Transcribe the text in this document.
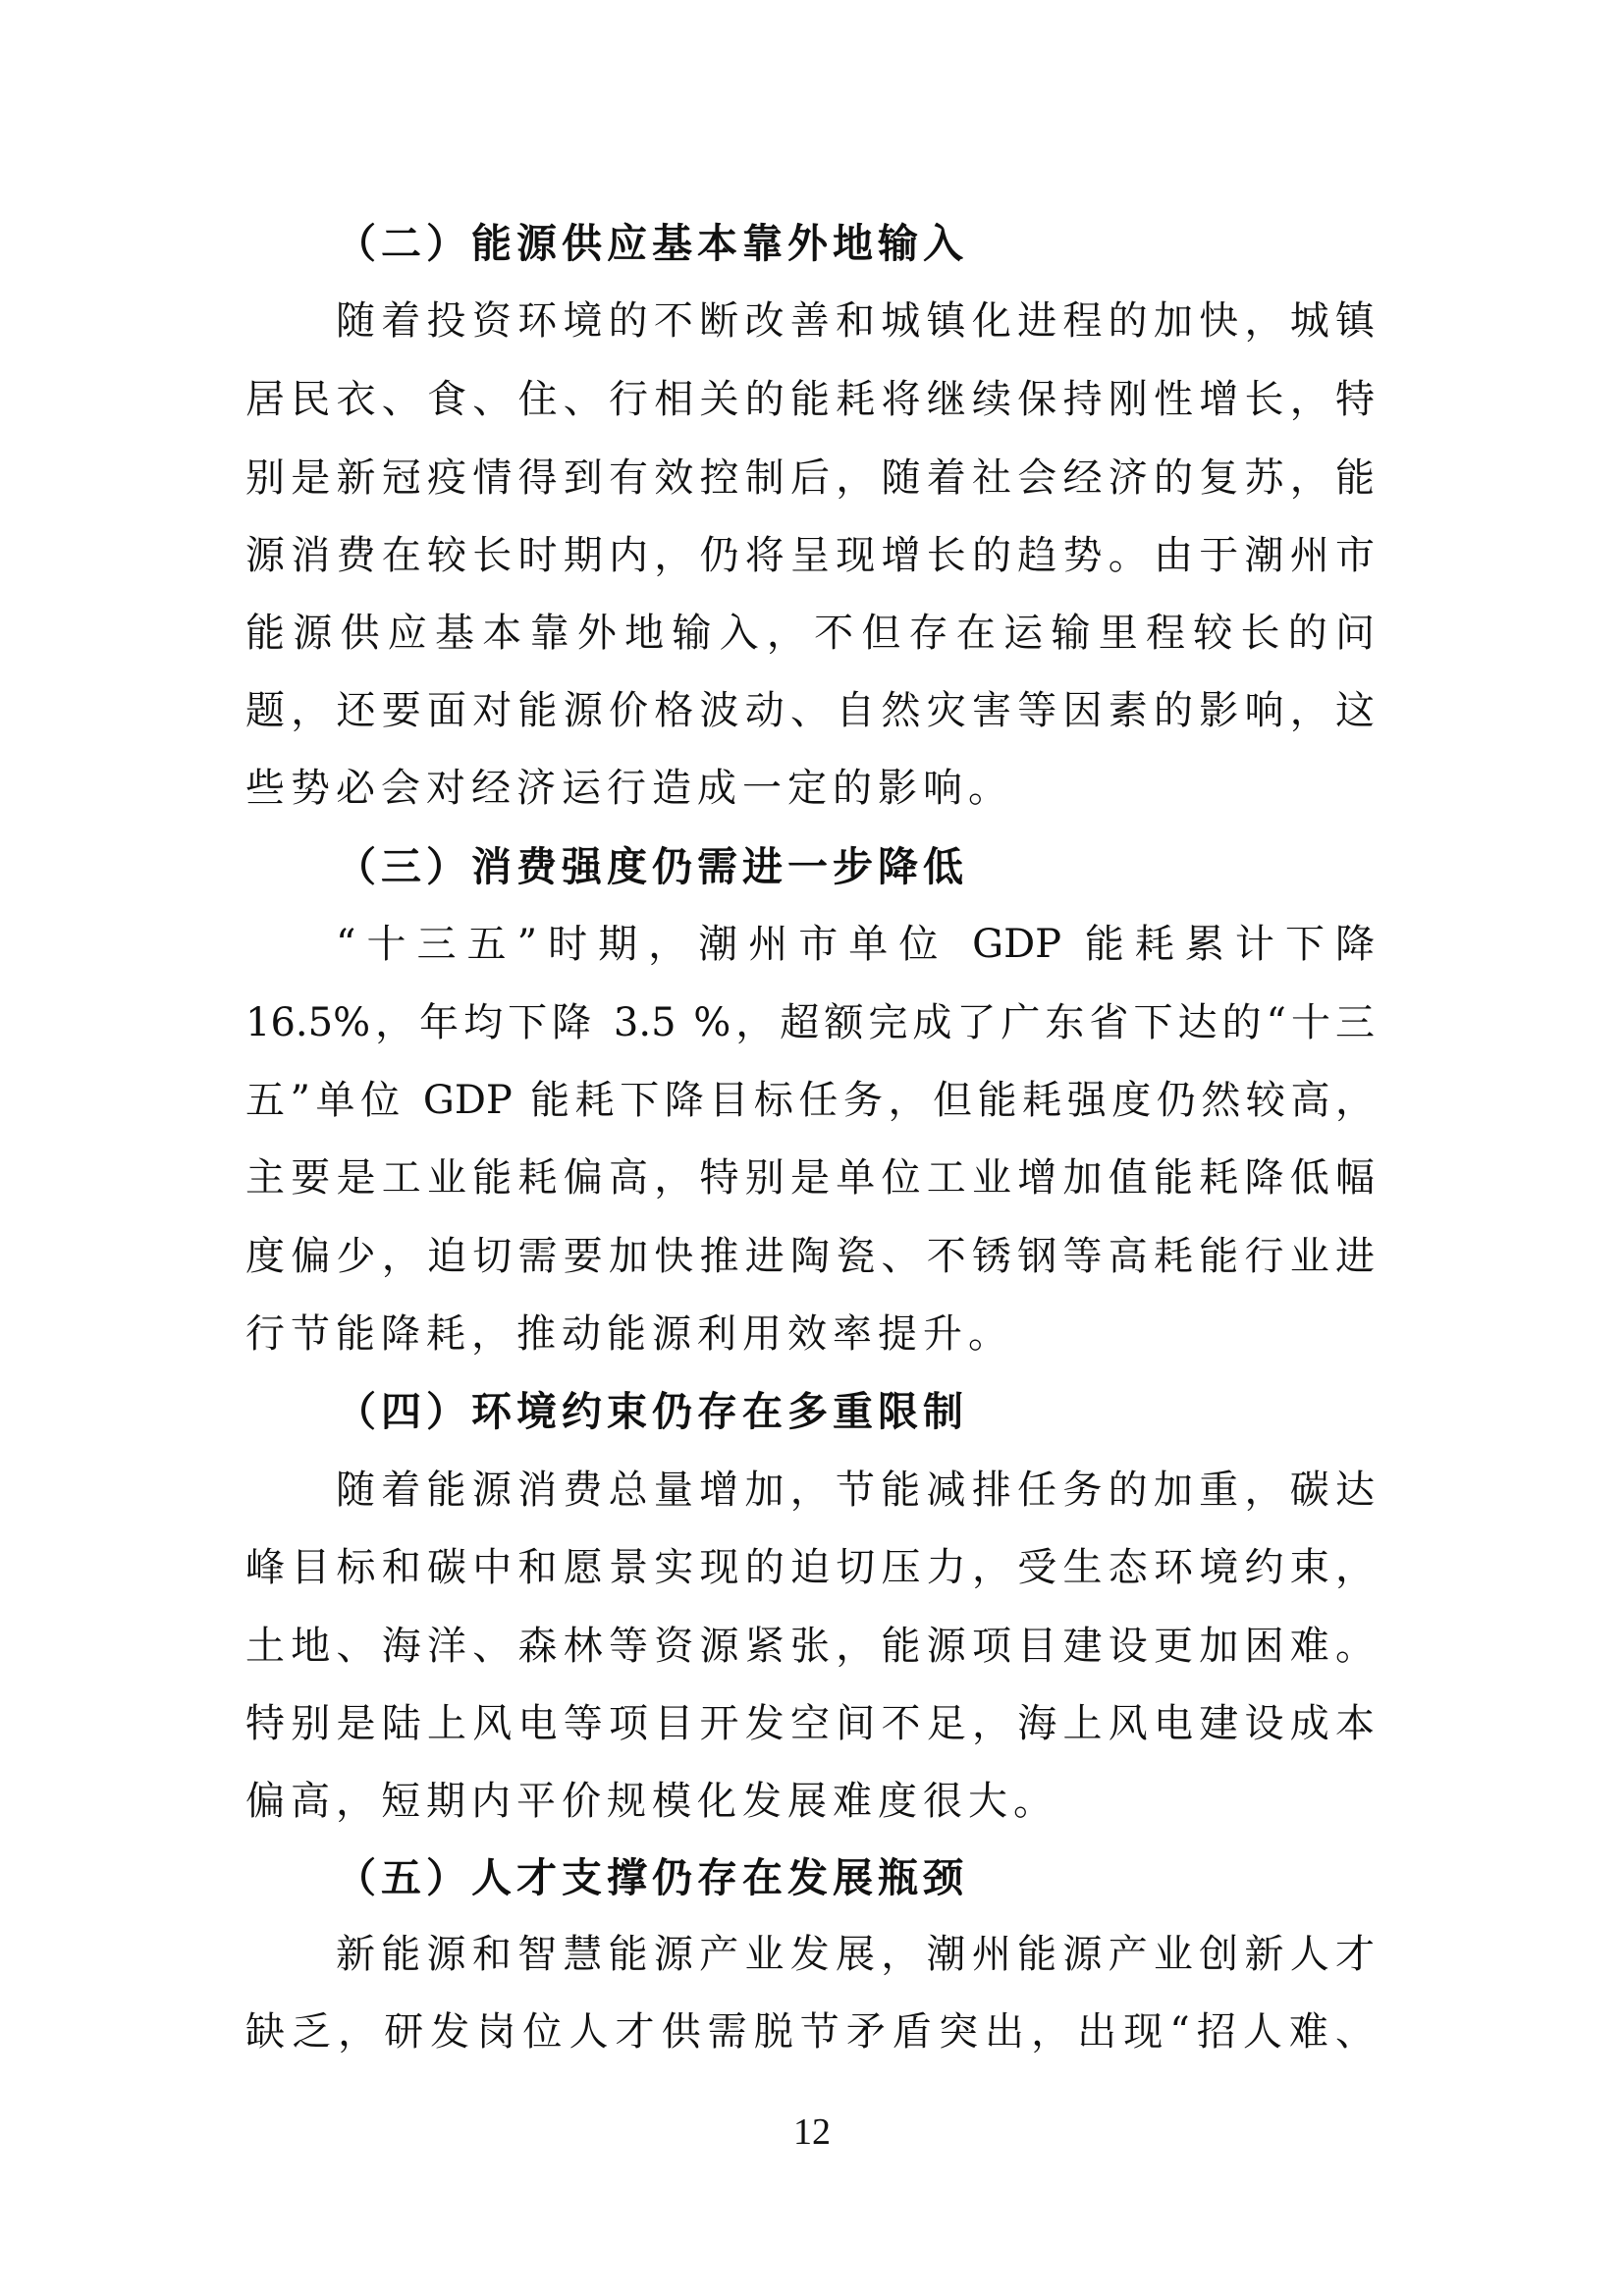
（二）能源供应基本靠外地输入
随着投资环境的不断改善和城镇化进程的加快，城镇
居民衣、食、住、行相关的能耗将继续保持刚性增长，特
别是新冠疫情得到有效控制后，随着社会经济的复苏，能
源消费在较长时期内，仍将呈现增长的趋势。由于潮州市
能源供应基本靠外地输入，不但存在运输里程较长的问
题，还要面对能源价格波动、自然灾害等因素的影响，这
些势必会对经济运行造成一定的影响。
（三）消费强度仍需进一步降低
“十三五”时期，潮州市单位 GDP 能耗累计下降
16.5%，年均下降 3.5 %，超额完成了广东省下达的“十三
五”单位 GDP 能耗下降目标任务，但能耗强度仍然较高，
主要是工业能耗偏高，特别是单位工业增加值能耗降低幅
度偏少，迫切需要加快推进陶瓷、不锈钢等高耗能行业进
行节能降耗，推动能源利用效率提升。
（四）环境约束仍存在多重限制
随着能源消费总量增加，节能减排任务的加重，碳达
峰目标和碳中和愿景实现的迫切压力，受生态环境约束，
土地、海洋、森林等资源紧张，能源项目建设更加困难。
特别是陆上风电等项目开发空间不足，海上风电建设成本
偏高，短期内平价规模化发展难度很大。
（五）人才支撑仍存在发展瓶颈
新能源和智慧能源产业发展，潮州能源产业创新人才
缺乏，研发岗位人才供需脱节矛盾突出，出现“招人难、
12
